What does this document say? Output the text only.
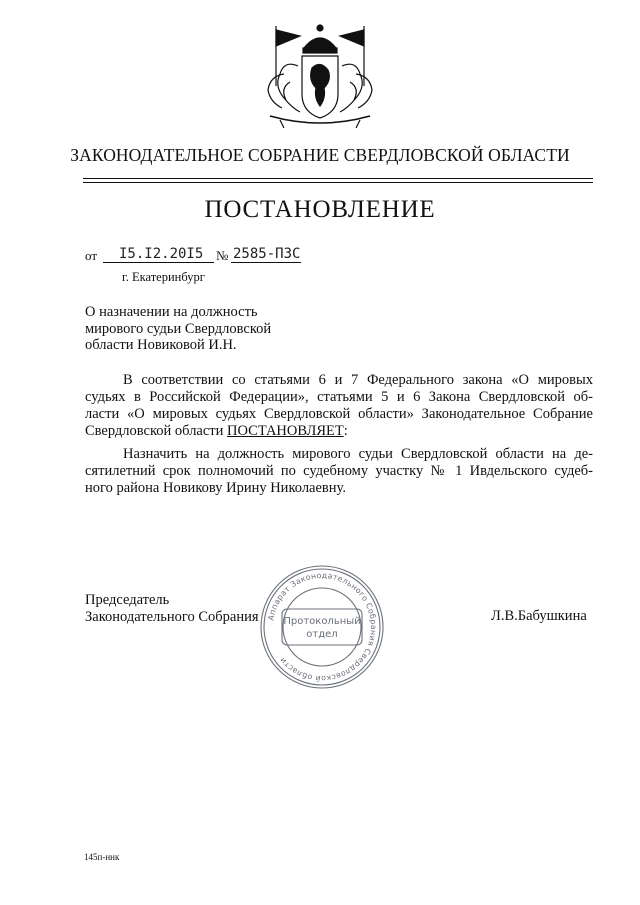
ЗАКОНОДАТЕЛЬНОЕ СОБРАНИЕ СВЕРДЛОВСКОЙ ОБЛАСТИ
ПОСТАНОВЛЕНИЕ
от I5.I2.20I5 № 2585-ПЗС
г. Екатеринбург
О назначении на должность
мирового судьи Свердловской
области Новиковой И.Н.
В соответствии со статьями 6 и 7 Федерального закона «О мировых
судьях в Российской Федерации», статьями 5 и 6 Закона Свердловской об-
ласти «О мировых судьях Свердловской области» Законодательное Собрание
Свердловской области ПОСТАНОВЛЯЕТ:
Назначить на должность мирового судьи Свердловской области на де-
сятилетний срок полномочий по судебному участку № 1 Ивдельского судеб-
ного района Новикову Ирину Николаевну.
Председатель
Законодательного Собрания	Л.В.Бабушкина
Аппарат Законодательного Собрания Свердловской области
Протокольный
отдел
145п-ннк
